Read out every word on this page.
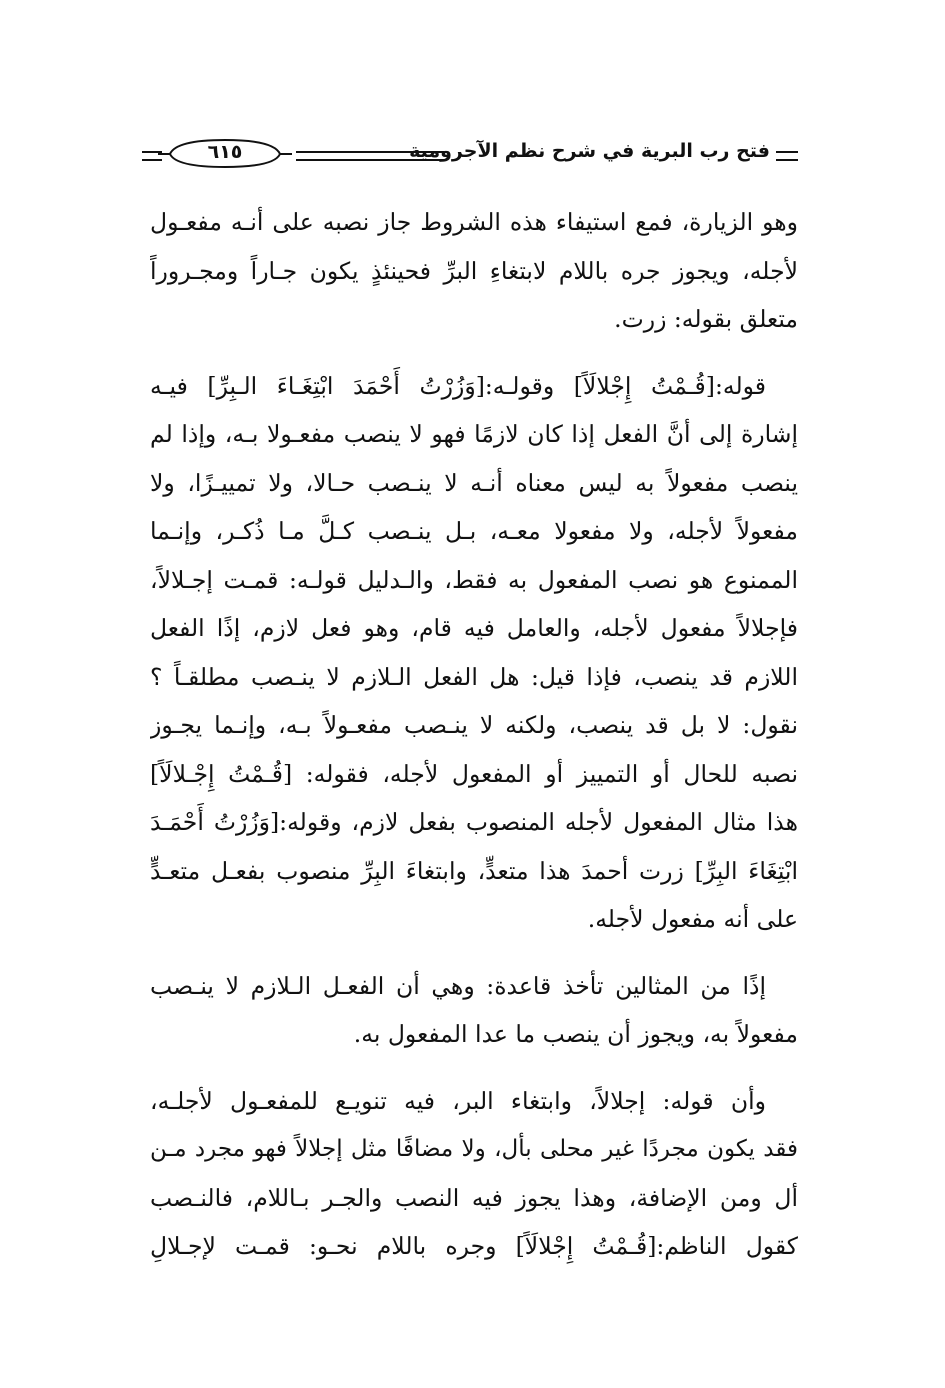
فتح رب البرية في شرح نظم الآجرومية
٦١٥
وهو الزيارة، فمع استيفاء هذه الشروط جاز نصبه على أنـه مفعـول
لأجله، ويجوز جره باللام لابتغاءِ البرِّ فحينئذٍ يكون جـاراً ومجـروراً
متعلق بقوله: زرت.
قوله:[قُـمْتُ إِجْلالَاً] وقولـه:[وَزُرْتُ أَحْمَدَ ابْتِغَـاءَ الـبِرِّ] فيـه
إشارة إلى أنَّ الفعل إذا كان لازمًا فهو لا ينصب مفعـولا بـه، وإذا لم
ينصب مفعولاً به ليس معناه أنـه لا ينـصب حـالا، ولا تمييـزًا، ولا
مفعولاً لأجله، ولا مفعولا معـه، بـل ينـصب كـلَّ مـا ذُكـر، وإنـما
الممنوع هو نصب المفعول به فقط، والـدليل قولـه: قمـت إجـلالاً،
فإجلالاً مفعول لأجله، والعامل فيه قام، وهو فعل لازم، إذًا الفعل
اللازم قد ينصب، فإذا قيل: هل الفعل الـلازم لا ينـصب مطلقـاً ؟
نقول: لا بل قد ينصب، ولكنه لا ينـصب مفعـولاً بـه، وإنـما يجـوز
نصبه للحال أو التمييز أو المفعول لأجله، فقوله: [قُـمْتُ إِجْـلالَاً]
هذا مثال المفعول لأجله المنصوب بفعل لازم، وقوله:[وَزُرْتُ أَحْمَـدَ
ابْتِغَاءَ البِرِّ] زرت أحمدَ هذا متعدٍّ، وابتغاءَ البِرِّ منصوب بفعـل متعـدٍّ
على أنه مفعول لأجله.
إذًا من المثالين تأخذ قاعدة: وهي أن الفعـل الـلازم لا ينـصب
مفعولاً به، ويجوز أن ينصب ما عدا المفعول به.
وأن قوله: إجلالاً، وابتغاء البر، فيه تنويـع للمفعـول لأجلـه،
فقد يكون مجردًا غير محلى بأل، ولا مضافًا مثل إجلالاً فهو مجرد مـن
أل ومن الإضافة، وهذا يجوز فيه النصب والجـر بـاللام، فالنـصب
كقول الناظم:[قُـمْتُ إِجْلالَاً] وجره باللام نحـو: قمـت لإجـلالِ
